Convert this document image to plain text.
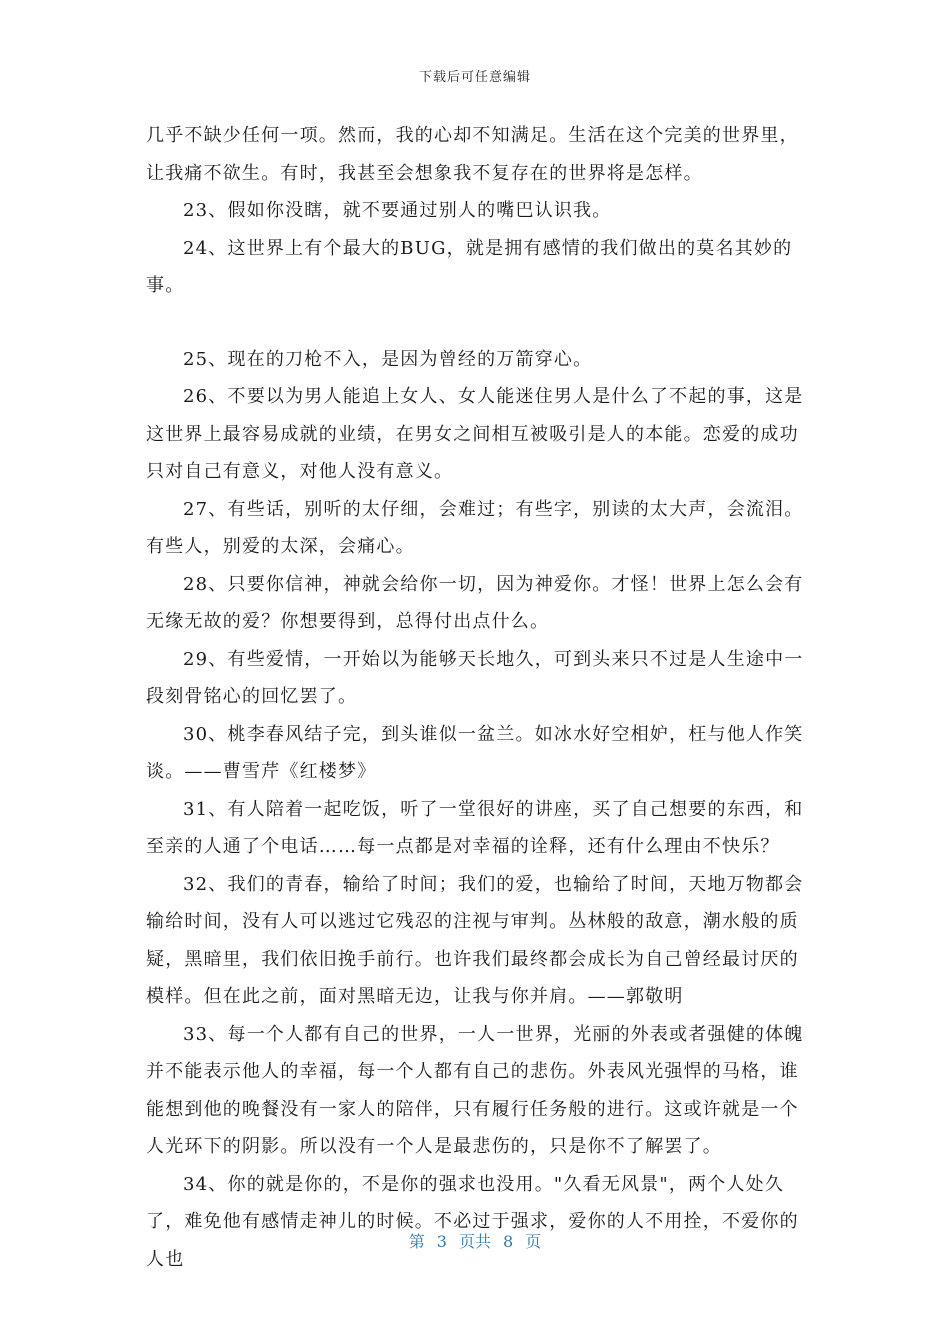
下载后可任意编辑

几乎不缺少任何一项。然而，我的心却不知满足。生活在这个完美的世界里，让我痛不欲生。有时，我甚至会想象我不复存在的世界将是怎样。

23、假如你没瞎，就不要通过别人的嘴巴认识我。

24、这世界上有个最大的BUG，就是拥有感情的我们做出的莫名其妙的事。

25、现在的刀枪不入，是因为曾经的万箭穿心。

26、不要以为男人能追上女人、女人能迷住男人是什么了不起的事，这是这世界上最容易成就的业绩，在男女之间相互被吸引是人的本能。恋爱的成功只对自己有意义，对他人没有意义。

27、有些话，别听的太仔细，会难过；有些字，别读的太大声，会流泪。有些人，别爱的太深，会痛心。

28、只要你信神，神就会给你一切，因为神爱你。才怪！世界上怎么会有无缘无故的爱？你想要得到，总得付出点什么。

29、有些爱情，一开始以为能够天长地久，可到头来只不过是人生途中一段刻骨铭心的回忆罢了。

30、桃李春风结子完，到头谁似一盆兰。如冰水好空相妒，枉与他人作笑谈。——曹雪芹《红楼梦》

31、有人陪着一起吃饭，听了一堂很好的讲座，买了自己想要的东西，和至亲的人通了个电话……每一点都是对幸福的诠释，还有什么理由不快乐？

32、我们的青春，输给了时间；我们的爱，也输给了时间，天地万物都会输给时间，没有人可以逃过它残忍的注视与审判。丛林般的敌意，潮水般的质疑，黑暗里，我们依旧挽手前行。也许我们最终都会成长为自己曾经最讨厌的模样。但在此之前，面对黑暗无边，让我与你并肩。——郭敬明

33、每一个人都有自己的世界，一人一世界，光丽的外表或者强健的体魄并不能表示他人的幸福，每一个人都有自己的悲伤。外表风光强悍的马格，谁能想到他的晚餐没有一家人的陪伴，只有履行任务般的进行。这或许就是一个人光环下的阴影。所以没有一个人是最悲伤的，只是你不了解罢了。

34、你的就是你的，不是你的强求也没用。"久看无风景"，两个人处久了，难免他有感情走神儿的时候。不必过于强求，爱你的人不用拴，不爱你的人也

第 3 页共 8 页
